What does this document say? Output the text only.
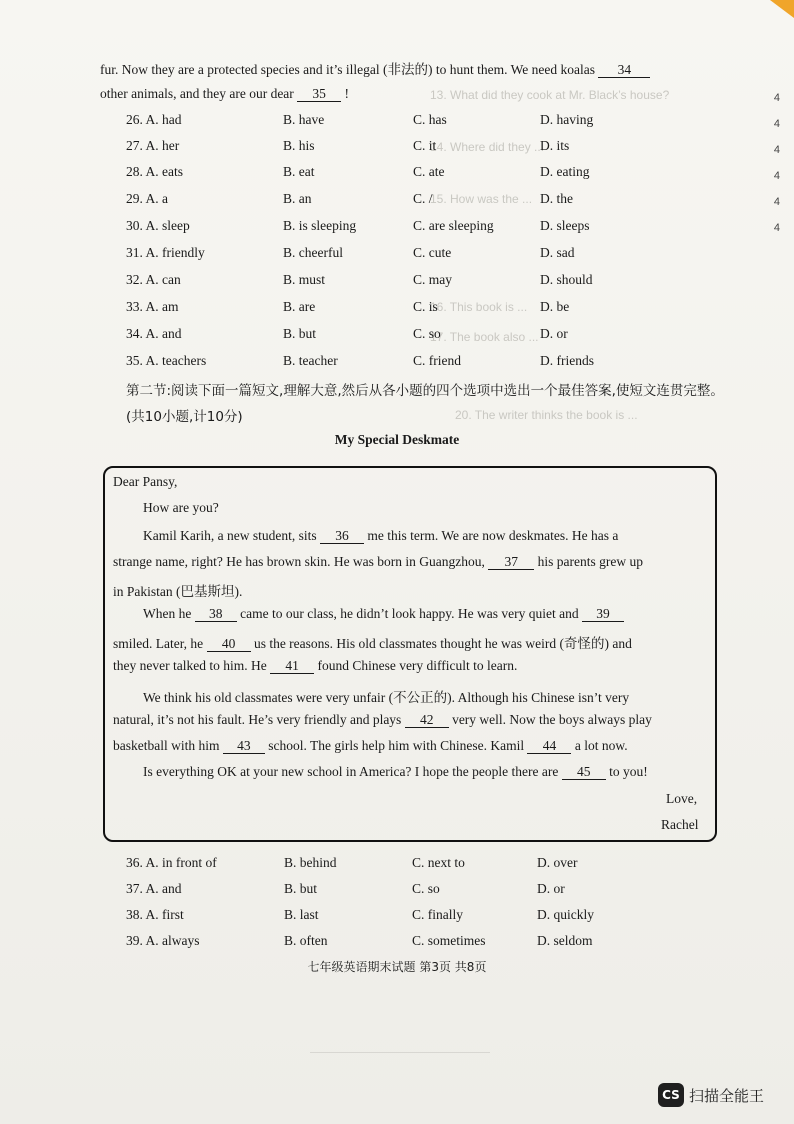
13. What did they cook at Mr. Black’s house?
14. Where did they ...
15. How was the ...
16. This book is ...
17. The book also ...
20. The writer thinks the book is ...
4
4
4
4
4
4
fur. Now they are a protected species and it’s illegal (非法的) to hunt them. We need koalas 34
other animals, and they are our dear 35 !
26. A. had	B. have	C. has	D. having
27. A. her	B. his	C. it	D. its
28. A. eats	B. eat	C. ate	D. eating
29. A. a	B. an	C. /	D. the
30. A. sleep	B. is sleeping	C. are sleeping	D. sleeps
31. A. friendly	B. cheerful	C. cute	D. sad
32. A. can	B. must	C. may	D. should
33. A. am	B. are	C. is	D. be
34. A. and	B. but	C. so	D. or
35. A. teachers	B. teacher	C. friend	D. friends
第二节:阅读下面一篇短文,理解大意,然后从各小题的四个选项中选出一个最佳答案,使短文连贯完整。(共10小题,计10分)
My Special Deskmate
Dear Pansy,
How are you?
Kamil Karih, a new student, sits 36 me this term. We are now deskmates. He has a
strange name, right? He has brown skin. He was born in Guangzhou, 37 his parents grew up
in Pakistan (巴基斯坦).
When he 38 came to our class, he didn’t look happy. He was very quiet and 39
smiled. Later, he 40 us the reasons. His old classmates thought he was weird (奇怪的) and
they never talked to him. He 41 found Chinese very difficult to learn.
We think his old classmates were very unfair (不公正的). Although his Chinese isn’t very
natural, it’s not his fault. He’s very friendly and plays 42 very well. Now the boys always play
basketball with him 43 school. The girls help him with Chinese. Kamil 44 a lot now.
Is everything OK at your new school in America? I hope the people there are 45 to you!
Love,
Rachel
36. A. in front of	B. behind	C. next to	D. over
37. A. and	B. but	C. so	D. or
38. A. first	B. last	C. finally	D. quickly
39. A. always	B. often	C. sometimes	D. seldom
七年级英语期末试题 第3页 共8页
CS 扫描全能王
